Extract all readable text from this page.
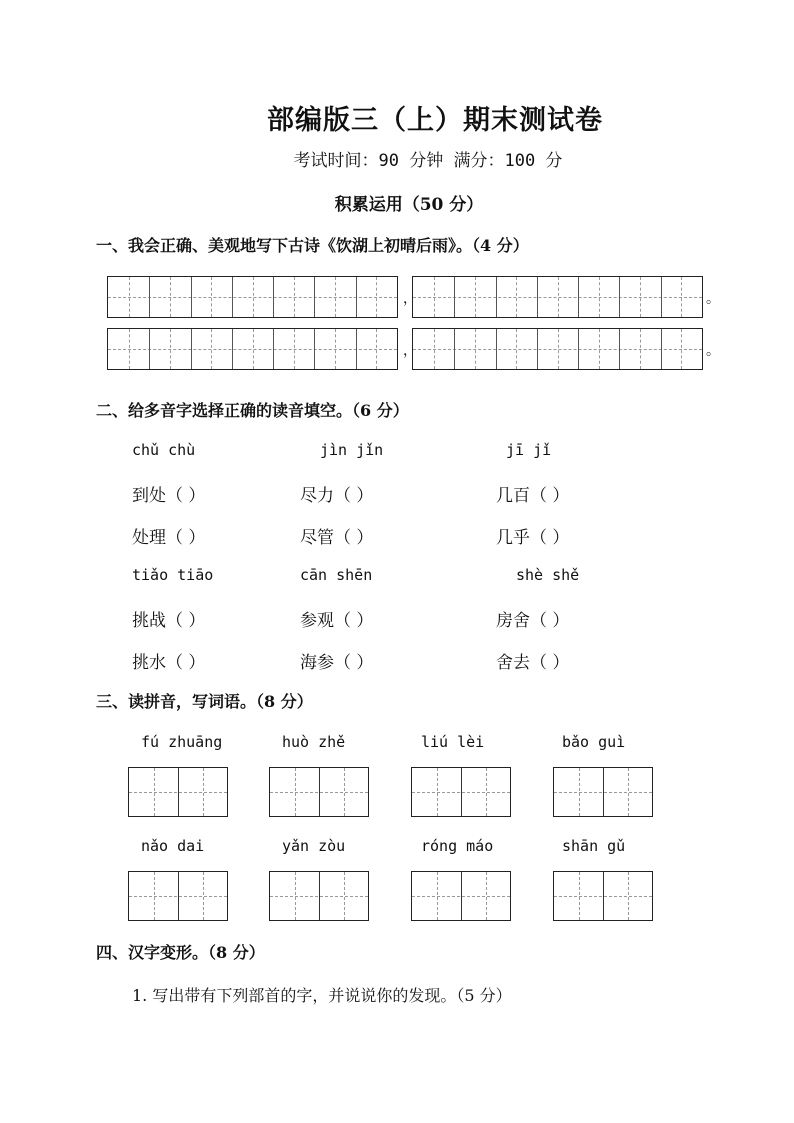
部编版三（上）期末测试卷
考试时间：90 分钟 满分：100 分
积累运用（50 分）
一、我会正确、美观地写下古诗《饮湖上初晴后雨》。（4 分）
，	。
，	。
二、给多音字选择正确的读音填空。（6 分）
chǔ chù	jìn jǐn	jī jǐ
到处（ ）	尽力（ ）	几百（ ）
处理（ ）	尽管（ ）	几乎（ ）
tiǎo tiāo	cān shēn	shè shě
挑战（ ）	参观（ ）	房舍（ ）
挑水（ ）	海参（ ）	舍去（ ）
三、读拼音，写词语。（8 分）
fú zhuāng	huò zhě	liú lèi	bǎo guì
nǎo dai	yǎn zòu	róng máo	shān gǔ
四、汉字变形。（8 分）
1. 写出带有下列部首的字，并说说你的发现。（5 分）
